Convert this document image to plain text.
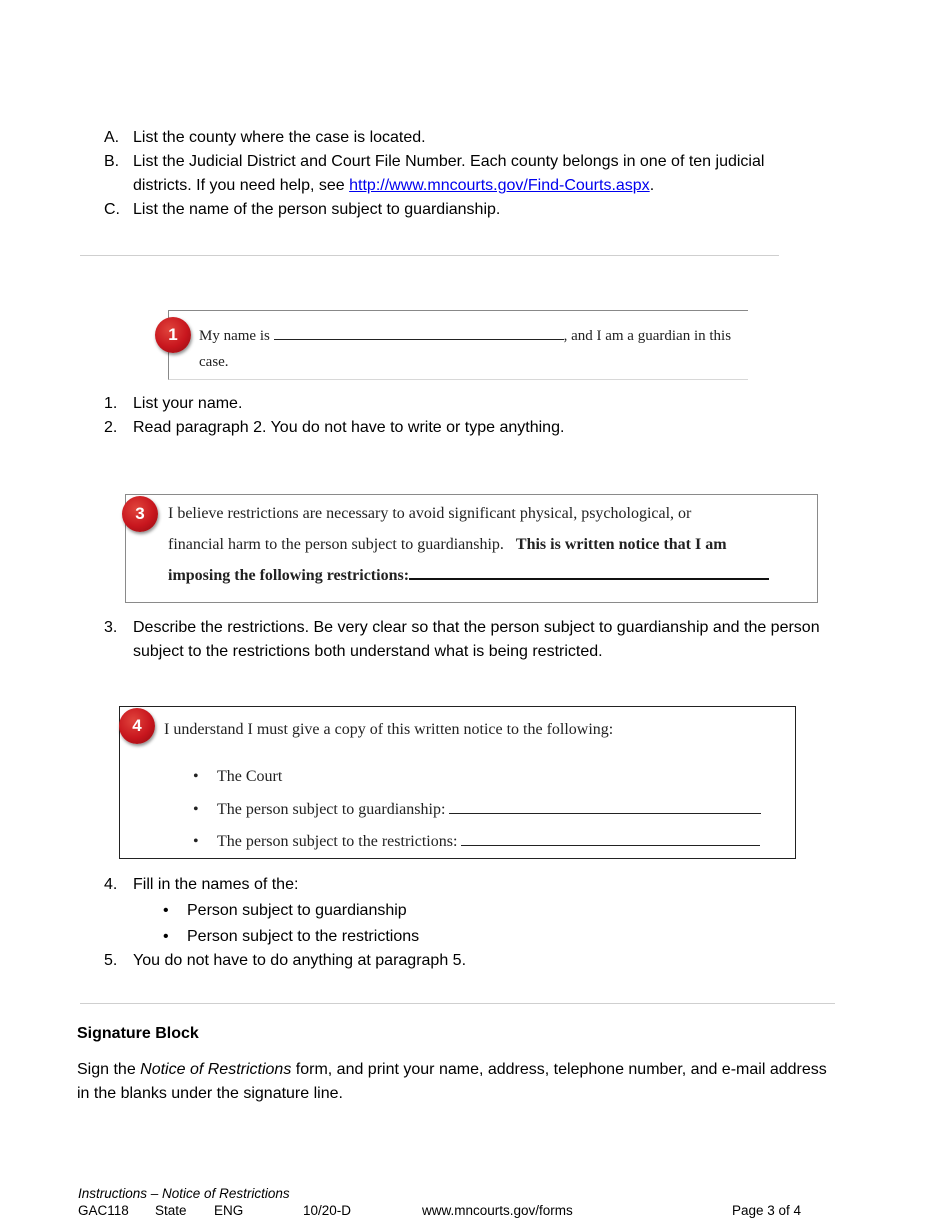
A. List the county where the case is located.
B. List the Judicial District and Court File Number. Each county belongs in one of ten judicial districts. If you need help, see http://www.mncourts.gov/Find-Courts.aspx.
C. List the name of the person subject to guardianship.
My name is	, and I am a guardian in this case.
1
1. List your name.
2. Read paragraph 2. You do not have to write or type anything.
I believe restrictions are necessary to avoid significant physical, psychological, or
financial harm to the person subject to guardianship. This is written notice that I am
imposing the following restrictions:
3
3. Describe the restrictions. Be very clear so that the person subject to guardianship and the person subject to the restrictions both understand what is being restricted.
I understand I must give a copy of this written notice to the following:
• The Court
• The person subject to guardianship:
• The person subject to the restrictions:
4
4. Fill in the names of the:
• Person subject to guardianship
• Person subject to the restrictions
5. You do not have to do anything at paragraph 5.
Signature Block
Sign the Notice of Restrictions form, and print your name, address, telephone number, and e-mail address in the blanks under the signature line.
Instructions – Notice of Restrictions
GAC118 State ENG	10/20-D	www.mncourts.gov/forms	Page 3 of 4
